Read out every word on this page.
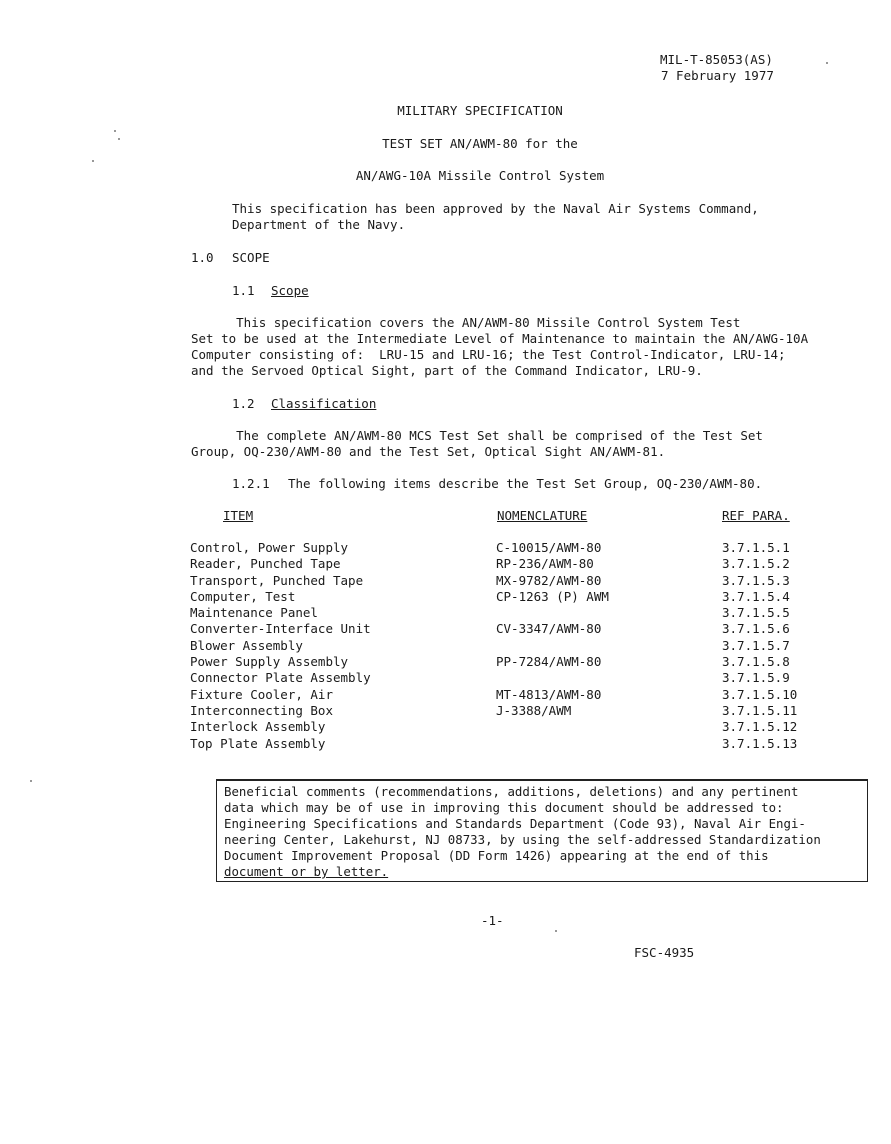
MIL-T-85053(AS)
7 February 1977
MILITARY SPECIFICATION
TEST SET AN/AWM-80 for the
AN/AWG-10A Missile Control System
This specification has been approved by the Naval Air Systems Command,
Department of the Navy.
1.0 SCOPE
1.1 Scope
This specification covers the AN/AWM-80 Missile Control System Test
Set to be used at the Intermediate Level of Maintenance to maintain the AN/AWG-10A
Computer consisting of:  LRU-15 and LRU-16; the Test Control-Indicator, LRU-14;
and the Servoed Optical Sight, part of the Command Indicator, LRU-9.
1.2 Classification
The complete AN/AWM-80 MCS Test Set shall be comprised of the Test Set
Group, OQ-230/AWM-80 and the Test Set, Optical Sight AN/AWM-81.
1.2.1 The following items describe the Test Set Group, OQ-230/AWM-80.
ITEM	NOMENCLATURE	REF PARA.
Control, Power Supply	C-10015/AWM-80	3.7.1.5.1
Reader, Punched Tape	RP-236/AWM-80	3.7.1.5.2
Transport, Punched Tape	MX-9782/AWM-80	3.7.1.5.3
Computer, Test	CP-1263 (P) AWM	3.7.1.5.4
Maintenance Panel		3.7.1.5.5
Converter-Interface Unit	CV-3347/AWM-80	3.7.1.5.6
Blower Assembly		3.7.1.5.7
Power Supply Assembly	PP-7284/AWM-80	3.7.1.5.8
Connector Plate Assembly		3.7.1.5.9
Fixture Cooler, Air	MT-4813/AWM-80	3.7.1.5.10
Interconnecting Box	J-3388/AWM	3.7.1.5.11
Interlock Assembly		3.7.1.5.12
Top Plate Assembly		3.7.1.5.13
Beneficial comments (recommendations, additions, deletions) and any pertinent
data which may be of use in improving this document should be addressed to:
Engineering Specifications and Standards Department (Code 93), Naval Air Engi-
neering Center, Lakehurst, NJ 08733, by using the self-addressed Standardization
Document Improvement Proposal (DD Form 1426) appearing at the end of this
document or by letter.
-1-
FSC-4935
